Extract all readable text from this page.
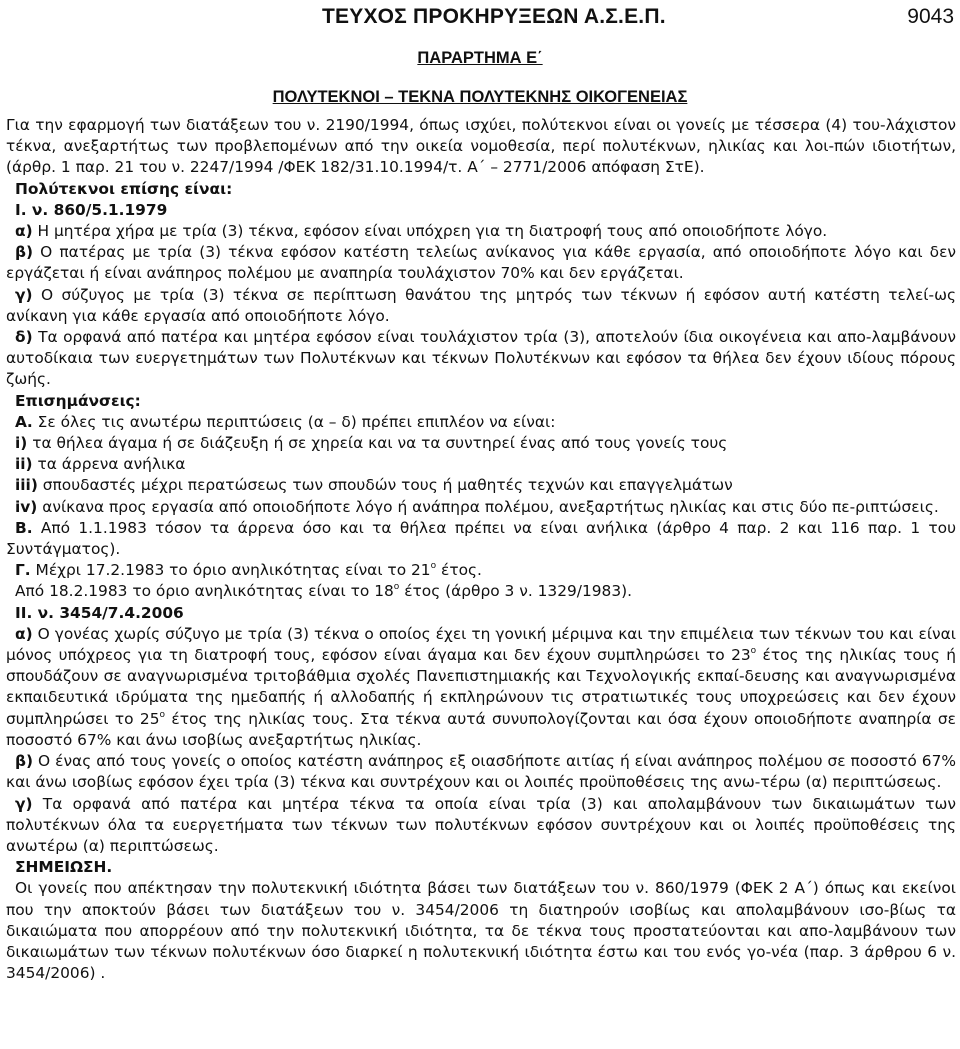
ΤΕΥΧΟΣ ΠΡΟΚΗΡΥΞΕΩΝ Α.Σ.Ε.Π.	9043
ΠΑΡΑΡΤΗΜΑ Ε΄
ΠΟΛΥΤΕΚΝΟΙ – ΤΕΚΝΑ ΠΟΛΥΤΕΚΝΗΣ ΟΙΚΟΓΕΝΕΙΑΣ

Για την εφαρμογή των διατάξεων του ν. 2190/1994, όπως ισχύει, πολύτεκνοι είναι οι γονείς με τέσσερα (4) του-λάχιστον τέκνα, ανεξαρτήτως των προβλεπομένων από την οικεία νομοθεσία, περί πολυτέκνων, ηλικίας και λοι-πών ιδιοτήτων, (άρθρ. 1 παρ. 21 του ν. 2247/1994 /ΦΕΚ 182/31.10.1994/τ. Α΄ – 2771/2006 απόφαση ΣτΕ).

Πολύτεκνοι επίσης είναι:

Ι. ν. 860/5.1.1979

α) Η μητέρα χήρα με τρία (3) τέκνα, εφόσον είναι υπόχρεη για τη διατροφή τους από οποιοδήποτε λόγο.

β) Ο πατέρας με τρία (3) τέκνα εφόσον κατέστη τελείως ανίκανος για κάθε εργασία, από οποιοδήποτε λόγο και δεν εργάζεται ή είναι ανάπηρος πολέμου με αναπηρία τουλάχιστον 70% και δεν εργάζεται.

γ) Ο σύζυγος με τρία (3) τέκνα σε περίπτωση θανάτου της μητρός των τέκνων ή εφόσον αυτή κατέστη τελεί-ως ανίκανη για κάθε εργασία από οποιοδήποτε λόγο.

δ) Τα ορφανά από πατέρα και μητέρα εφόσον είναι τουλάχιστον τρία (3), αποτελούν ίδια οικογένεια και απο-λαμβάνουν αυτοδίκαια των ευεργετημάτων των Πολυτέκνων και τέκνων Πολυτέκνων και εφόσον τα θήλεα δεν έχουν ιδίους πόρους ζωής.

Επισημάνσεις:

Α. Σε όλες τις ανωτέρω περιπτώσεις (α – δ) πρέπει επιπλέον να είναι:

i) τα θήλεα άγαμα ή σε διάζευξη ή σε χηρεία και να τα συντηρεί ένας από τους γονείς τους

ii) τα άρρενα ανήλικα

iii) σπουδαστές μέχρι περατώσεως των σπουδών τους ή μαθητές τεχνών και επαγγελμάτων

iv) ανίκανα προς εργασία από οποιοδήποτε λόγο ή ανάπηρα πολέμου, ανεξαρτήτως ηλικίας και στις δύο πε-ριπτώσεις.

Β. Από 1.1.1983 τόσον τα άρρενα όσο και τα θήλεα πρέπει να είναι ανήλικα (άρθρο 4 παρ. 2 και 116 παρ. 1 του Συντάγματος).

Γ. Μέχρι 17.2.1983 το όριο ανηλικότητας είναι το $21^o$ έτος.

Από 18.2.1983 το όριο ανηλικότητας είναι το $18^o$ έτος (άρθρο 3 ν. 1329/1983).

ΙΙ. ν. 3454/7.4.2006

α) Ο γονέας χωρίς σύζυγο με τρία (3) τέκνα ο οποίος έχει τη γονική μέριμνα και την επιμέλεια των τέκνων του και είναι μόνος υπόχρεος για τη διατροφή τους, εφόσον είναι άγαμα και δεν έχουν συμπληρώσει το $23^o$ έτος της ηλικίας τους ή σπουδάζουν σε αναγνωρισμένα τριτοβάθμια σχολές Πανεπιστημιακής και Τεχνολογικής εκπαί-δευσης και αναγνωρισμένα εκπαιδευτικά ιδρύματα της ημεδαπής ή αλλοδαπής ή εκπληρώνουν τις στρατιωτικές τους υποχρεώσεις και δεν έχουν συμπληρώσει το $25^o$ έτος της ηλικίας τους. Στα τέκνα αυτά συνυπολογίζονται και όσα έχουν οποιοδήποτε αναπηρία σε ποσοστό 67% και άνω ισοβίως ανεξαρτήτως ηλικίας.

β) Ο ένας από τους γονείς ο οποίος κατέστη ανάπηρος εξ οιασδήποτε αιτίας ή είναι ανάπηρος πολέμου σε ποσοστό 67% και άνω ισοβίως εφόσον έχει τρία (3) τέκνα και συντρέχουν και οι λοιπές προϋποθέσεις της ανω-τέρω (α) περιπτώσεως.

γ) Τα ορφανά από πατέρα και μητέρα τέκνα τα οποία είναι τρία (3) και απολαμβάνουν των δικαιωμάτων των πολυτέκνων όλα τα ευεργετήματα των τέκνων των πολυτέκνων εφόσον συντρέχουν και οι λοιπές προϋποθέσεις της ανωτέρω (α) περιπτώσεως.

ΣΗΜΕΙΩΣΗ.

Οι γονείς που απέκτησαν την πολυτεκνική ιδιότητα βάσει των διατάξεων του ν. 860/1979 (ΦΕΚ 2 Α΄) όπως και εκείνοι που την αποκτούν βάσει των διατάξεων του ν. 3454/2006 τη διατηρούν ισοβίως και απολαμβάνουν ισο-βίως τα δικαιώματα που απορρέουν από την πολυτεκνική ιδιότητα, τα δε τέκνα τους προστατεύονται και απο-λαμβάνουν των δικαιωμάτων των τέκνων πολυτέκνων όσο διαρκεί η πολυτεκνική ιδιότητα έστω και του ενός γο-νέα (παρ. 3 άρθρου 6 ν. 3454/2006) .
